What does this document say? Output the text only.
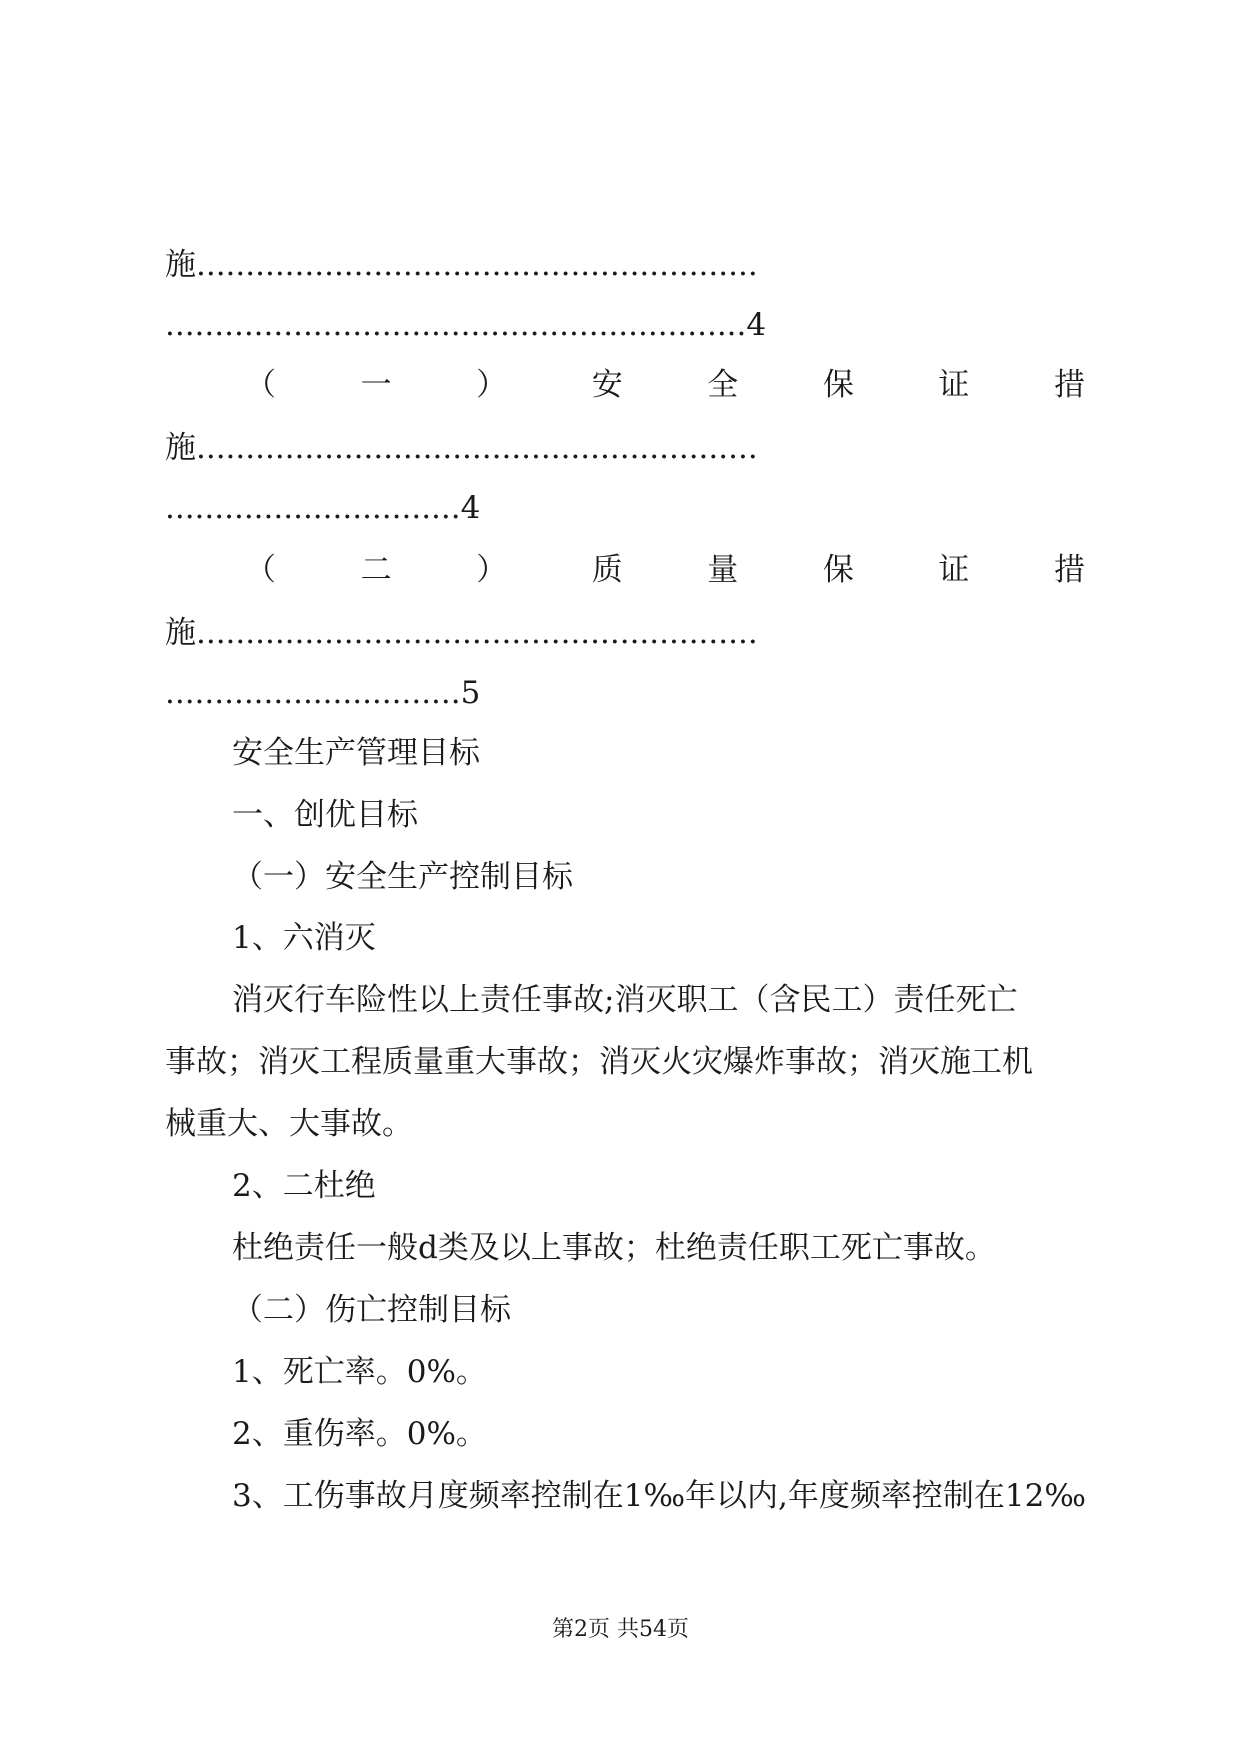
施.........................................................
...........................................................4
（	一	）	安	全	保	证	措
施.........................................................
..............................4
（	二	）	质	量	保	证	措
施.........................................................
..............................5
安全生产管理目标
一、创优目标
（一）安全生产控制目标
1、六消灭
消灭行车险性以上责任事故;消灭职工（含民工）责任死亡
事故；消灭工程质量重大事故；消灭火灾爆炸事故；消灭施工机
械重大、大事故。
2、二杜绝
杜绝责任一般d类及以上事故；杜绝责任职工死亡事故。
（二）伤亡控制目标
1、死亡率。0%。
2、重伤率。0%。
3、工伤事故月度频率控制在1‰年以内,年度频率控制在12‰
第2页 共54页
